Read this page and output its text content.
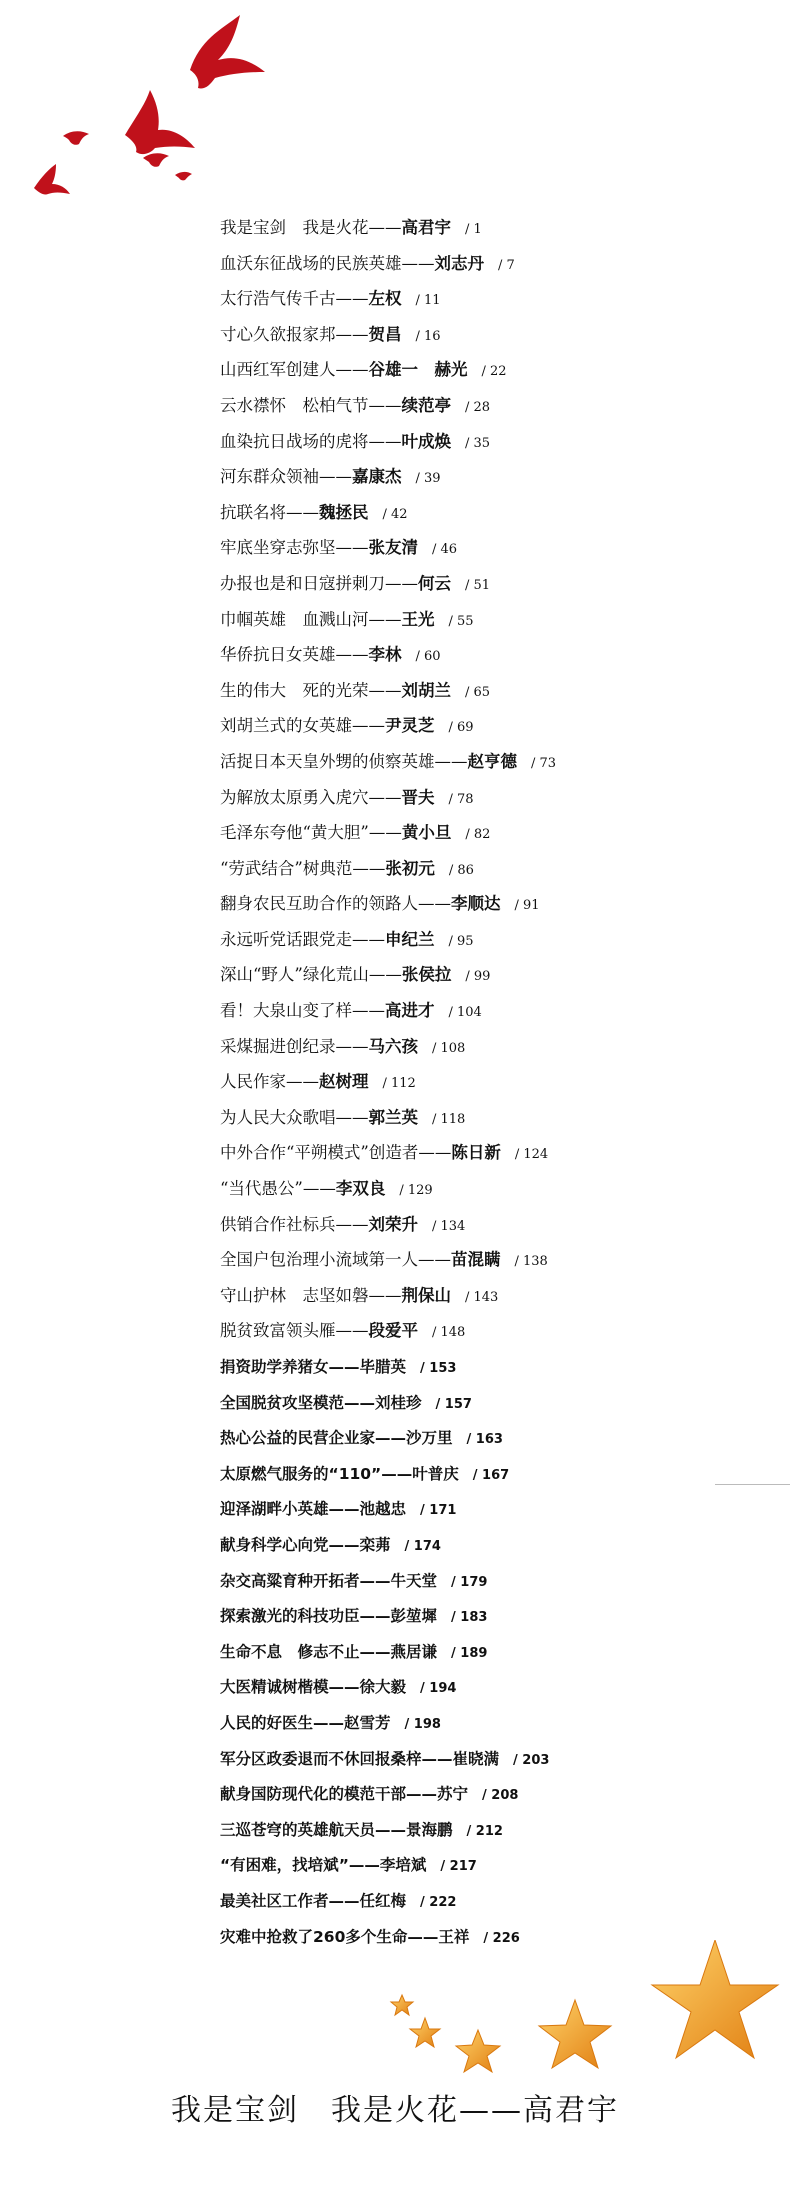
我是宝剑　我是火花——高君宇 / 1
血沃东征战场的民族英雄——刘志丹 / 7
太行浩气传千古——左权 / 11
寸心久欲报家邦——贺昌 / 16
山西红军创建人——谷雄一　赫光 / 22
云水襟怀　松柏气节——续范亭 / 28
血染抗日战场的虎将——叶成焕 / 35
河东群众领袖——嘉康杰 / 39
抗联名将——魏拯民 / 42
牢底坐穿志弥坚——张友清 / 46
办报也是和日寇拼刺刀——何云 / 51
巾帼英雄　血溅山河——王光 / 55
华侨抗日女英雄——李林 / 60
生的伟大　死的光荣——刘胡兰 / 65
刘胡兰式的女英雄——尹灵芝 / 69
活捉日本天皇外甥的侦察英雄——赵亨德 / 73
为解放太原勇入虎穴——晋夫 / 78
毛泽东夸他“黄大胆”——黄小旦 / 82
“劳武结合”树典范——张初元 / 86
翻身农民互助合作的领路人——李顺达 / 91
永远听党话跟党走——申纪兰 / 95
深山“野人”绿化荒山——张侯拉 / 99
看！大泉山变了样——高进才 / 104
采煤掘进创纪录——马六孩 / 108
人民作家——赵树理 / 112
为人民大众歌唱——郭兰英 / 118
中外合作“平朔模式”创造者——陈日新 / 124
“当代愚公”——李双良 / 129
供销合作社标兵——刘荣升 / 134
全国户包治理小流域第一人——苗混瞒 / 138
守山护林　志坚如磐——荆保山 / 143
脱贫致富领头雁——段爱平 / 148
捐资助学养猪女——毕腊英 / 153
全国脱贫攻坚模范——刘桂珍 / 157
热心公益的民营企业家——沙万里 / 163
太原燃气服务的“110”——叶普庆 / 167
迎泽湖畔小英雄——池越忠 / 171
献身科学心向党——栾茀 / 174
杂交高粱育种开拓者——牛天堂 / 179
探索激光的科技功臣——彭堃墀 / 183
生命不息　修志不止——燕居谦 / 189
大医精诚树楷模——徐大毅 / 194
人民的好医生——赵雪芳 / 198
军分区政委退而不休回报桑梓——崔晓满 / 203
献身国防现代化的模范干部——苏宁 / 208
三巡苍穹的英雄航天员——景海鹏 / 212
“有困难，找培斌”——李培斌 / 217
最美社区工作者——任红梅 / 222
灾难中抢救了260多个生命——王祥 / 226
我是宝剑　我是火花——高君宇
